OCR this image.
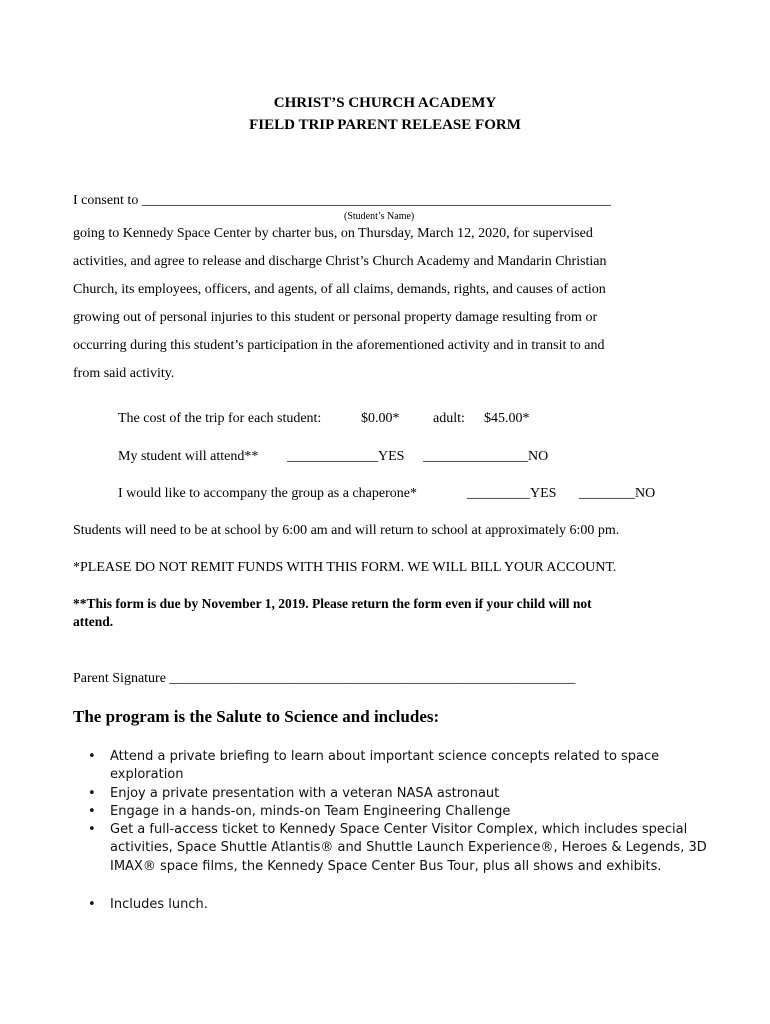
CHRIST’S CHURCH ACADEMY
FIELD TRIP PARENT RELEASE FORM
I consent to ___________________________________________________________________
(Student’s Name)
going to Kennedy Space Center by charter bus, on Thursday, March 12, 2020, for supervised
activities, and agree to release and discharge Christ’s Church Academy and Mandarin Christian
Church, its employees, officers, and agents, of all claims, demands, rights, and causes of action
growing out of personal injuries to this student or personal property damage resulting from or
occurring during this student’s participation in the aforementioned activity and in transit to and
from said activity.
The cost of the trip for each student:	$0.00* adult: $45.00*
My student will attend** _____________YES _______________NO
I would like to accompany the group as a chaperone*	_________YES ________NO
Students will need to be at school by 6:00 am and will return to school at approximately 6:00 pm.
*PLEASE DO NOT REMIT FUNDS WITH THIS FORM. WE WILL BILL YOUR ACCOUNT.
**This form is due by November 1, 2019. Please return the form even if your child will not
attend.
Parent Signature __________________________________________________________
The program is the Salute to Science and includes:
• Attend a private briefing to learn about important science concepts related to space
exploration
• Enjoy a private presentation with a veteran NASA astronaut
• Engage in a hands-on, minds-on Team Engineering Challenge
• Get a full-access ticket to Kennedy Space Center Visitor Complex, which includes special
activities, Space Shuttle Atlantis® and Shuttle Launch Experience®, Heroes & Legends, 3D
IMAX® space films, the Kennedy Space Center Bus Tour, plus all shows and exhibits.
• Includes lunch.
